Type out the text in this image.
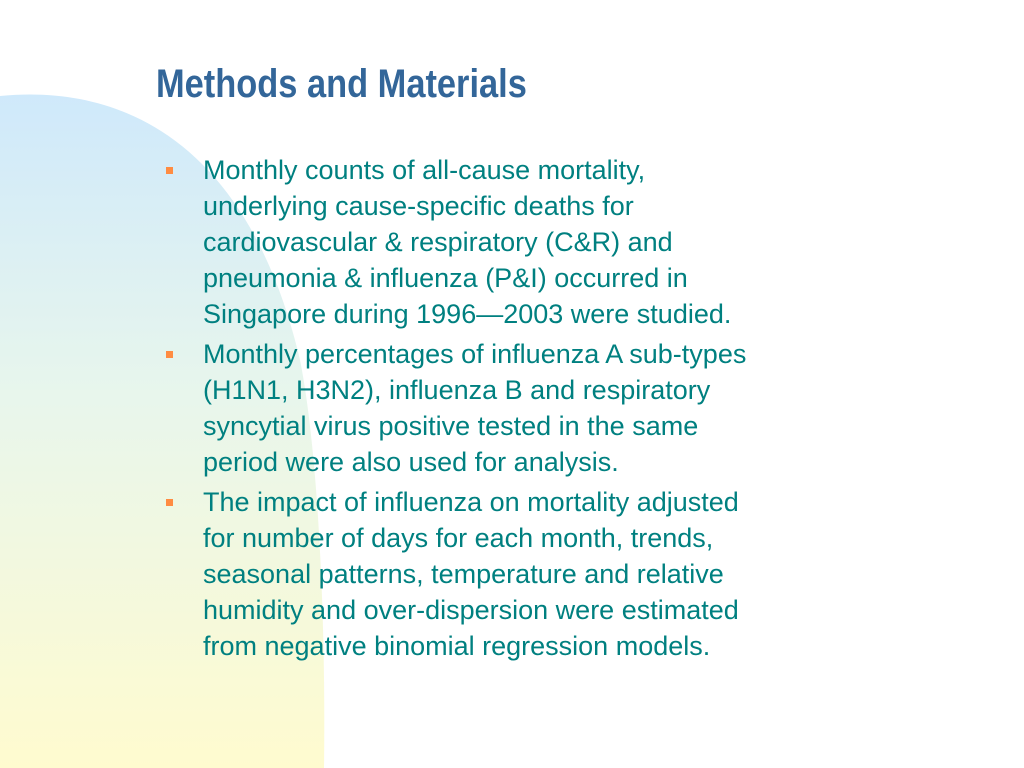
Methods and Materials
Monthly counts of all-cause mortality,
underlying cause-specific deaths for
cardiovascular & respiratory (C&R) and
pneumonia & influenza (P&I) occurred in
Singapore during 1996—2003 were studied.
Monthly percentages of influenza A sub-types
(H1N1, H3N2), influenza B and respiratory
syncytial virus positive tested in the same
period were also used for analysis.
The impact of influenza on mortality adjusted
for number of days for each month, trends,
seasonal patterns, temperature and relative
humidity and over-dispersion were estimated
from negative binomial regression models.
